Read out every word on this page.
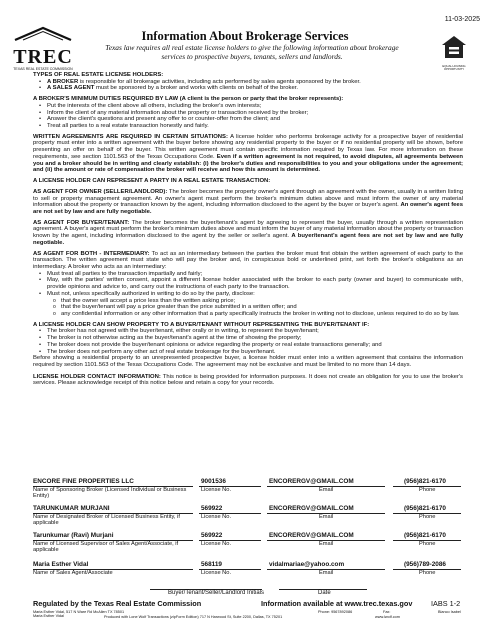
11-03-2025
TREC
TEXAS REAL ESTATE COMMISSION
Information About Brokerage Services
Texas law requires all real estate license holders to give the following information about brokerage services to prospective buyers, tenants, sellers and landlords.
EQUAL HOUSING OPPORTUNITY

TYPES OF REAL ESTATE LICENSE HOLDERS:

• A BROKER is responsible for all brokerage activities, including acts performed by sales agents sponsored by the broker.
• A SALES AGENT must be sponsored by a broker and works with clients on behalf of the broker.

A BROKER'S MINIMUM DUTIES REQUIRED BY LAW (A client is the person or party that the broker represents):

• Put the interests of the client above all others, including the broker's own interests;
• Inform the client of any material information about the property or transaction received by the broker;
• Answer the client's questions and present any offer to or counter-offer from the client; and
• Treat all parties to a real estate transaction honestly and fairly.

WRITTEN AGREEMENTS ARE REQUIRED IN CERTAIN SITUATIONS: A license holder who performs brokerage activity for a prospective buyer of residential property must enter into a written agreement with the buyer before showing any residential property to the buyer or if no residential property will be shown, before presenting an offer on behalf of the buyer. This written agreement must contain specific information required by Texas law. For more information on these requirements, see section 1101.563 of the Texas Occupations Code. Even if a written agreement is not required, to avoid disputes, all agreements between you and a broker should be in writing and clearly establish: (i) the broker's duties and responsibilities to you and your obligations under the agreement; and (ii) the amount or rate of compensation the broker will receive and how this amount is determined.

A LICENSE HOLDER CAN REPRESENT A PARTY IN A REAL ESTATE TRANSACTION:

AS AGENT FOR OWNER (SELLER/LANDLORD): The broker becomes the property owner's agent through an agreement with the owner, usually in a written listing to sell or property management agreement. An owner's agent must perform the broker's minimum duties above and must inform the owner of any material information about the property or transaction known by the agent, including information disclosed to the agent by the buyer or buyer's agent. An owner's agent fees are not set by law and are fully negotiable.

AS AGENT FOR BUYER/TENANT: The broker becomes the buyer/tenant's agent by agreeing to represent the buyer, usually through a written representation agreement. A buyer's agent must perform the broker's minimum duties above and must inform the buyer of any material information about the property or transaction known by the agent, including information disclosed to the agent by the seller or seller's agent. A buyer/tenant's agent fees are not set by law and are fully negotiable.

AS AGENT FOR BOTH - INTERMEDIARY: To act as an intermediary between the parties the broker must first obtain the written agreement of each party to the transaction. The written agreement must state who will pay the broker and, in conspicuous bold or underlined print, set forth the broker's obligations as an intermediary. A broker who acts as an intermediary:

• Must treat all parties to the transaction impartially and fairly;
• May, with the parties' written consent, appoint a different license holder associated with the broker to each party (owner and buyer) to communicate with, provide opinions and advice to, and carry out the instructions of each party to the transaction.
• Must not, unless specifically authorized in writing to do so by the party, disclose:
o that the owner will accept a price less than the written asking price;
o that the buyer/tenant will pay a price greater than the price submitted in a written offer; and
o any confidential information or any other information that a party specifically instructs the broker in writing not to disclose, unless required to do so by law.

A LICENSE HOLDER CAN SHOW PROPERTY TO A BUYER/TENANT WITHOUT REPRESENTING THE BUYER/TENANT IF:

• The broker has not agreed with the buyer/tenant, either orally or in writing, to represent the buyer/tenant;
• The broker is not otherwise acting as the buyer/tenant's agent at the time of showing the property;
• The broker does not provide the buyer/tenant opinions or advice regarding the property or real estate transactions generally; and
• The broker does not perform any other act of real estate brokerage for the buyer/tenant.

Before showing a residential property to an unrepresented prospective buyer, a license holder must enter into a written agreement that contains the information required by section 1101.563 of the Texas Occupations Code. The agreement may not be exclusive and must be limited to no more than 14 days.

LICENSE HOLDER CONTACT INFORMATION: This notice is being provided for information purposes. It does not create an obligation for you to use the broker's services. Please acknowledge receipt of this notice below and retain a copy for your records.

ENCORE FINE PROPERTIES LLC	9001536	ENCORERGV@GMAIL.COM	(956)821-6170
Name of Sponsoring Broker (Licensed Individual or Business Entity)
License No.	Email	Phone
TARUNKUMAR MURJANI	569922	ENCORERGV@GMAIL.COM	(956)821-6170
Name of Designated Broker of Licensed Business Entity, if applicable
License No.	Email	Phone
Tarunkumar (Ravi) Murjani	569922	ENCORERGV@GMAIL.COM	(956)821-6170
Name of Licensed Supervisor of Sales Agent/Associate, if applicable
License No.	Email	Phone
Maria Esther Vidal	568119	vidalmariae@yahoo.com	(956)789-2086
Name of Sales Agent/Associate	License No.	Email	Phone
Buyer/Tenant/Seller/Landlord Initials	Date
Regulated by the Texas Real Estate Commission	Information available at www.trec.texas.gov	IABS 1-2
Maria Esther Vidal, 517 N Ware Rd McAllen TX 78501
Maria Esther Vidal
Phone: 9567892086	Fax:	Blanco Isabel
Produced with Lone Wolf Transactions (zipForm Edition) 717 N Harwood St, Suite 2200, Dallas, TX 75201	www.lwolf.com
